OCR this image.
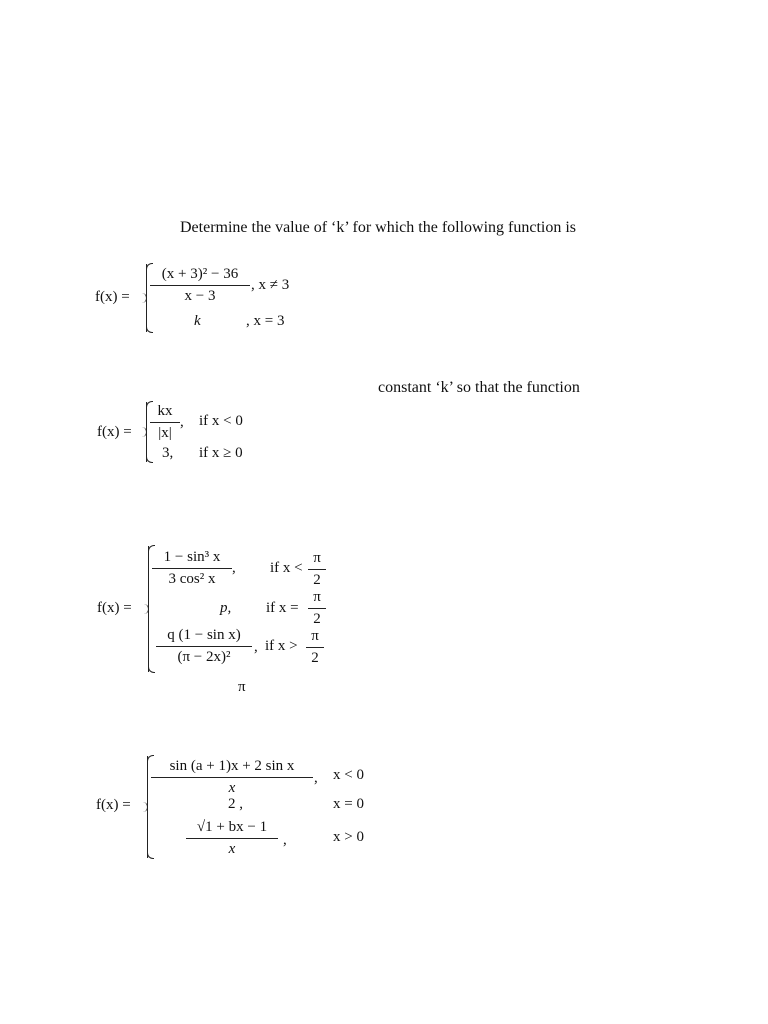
Determine the value of ‘k’ for which the following function is
$f(x) = \frac{\text{(x + 3)² − 36}}{x - 3}$ , x ≠ 3
k	, x = 3
constant ‘k’ so that the function
$f(x) = \frac{kx}{|x|}$ , if x < 0
3, if x ≥ 0
f(x) =
$\frac{\text{1 − sin³ x}}{\text{3 cos² x}}$ , if $x < \frac{\pi}{2}$
p, if $x = \frac{\pi}{2}$
$\frac{\text{q (1 − sin x)}}{\text{(π − 2x)²}}$ , if $x > \frac{\pi}{2}$
π
f(x) =
$\frac{\text{sin (a + 1)x + 2 sin x}}{x}$ , x < 0
2 ,	x = 0
$\frac{√1 + bx - 1}{x}$ ,	x > 0
